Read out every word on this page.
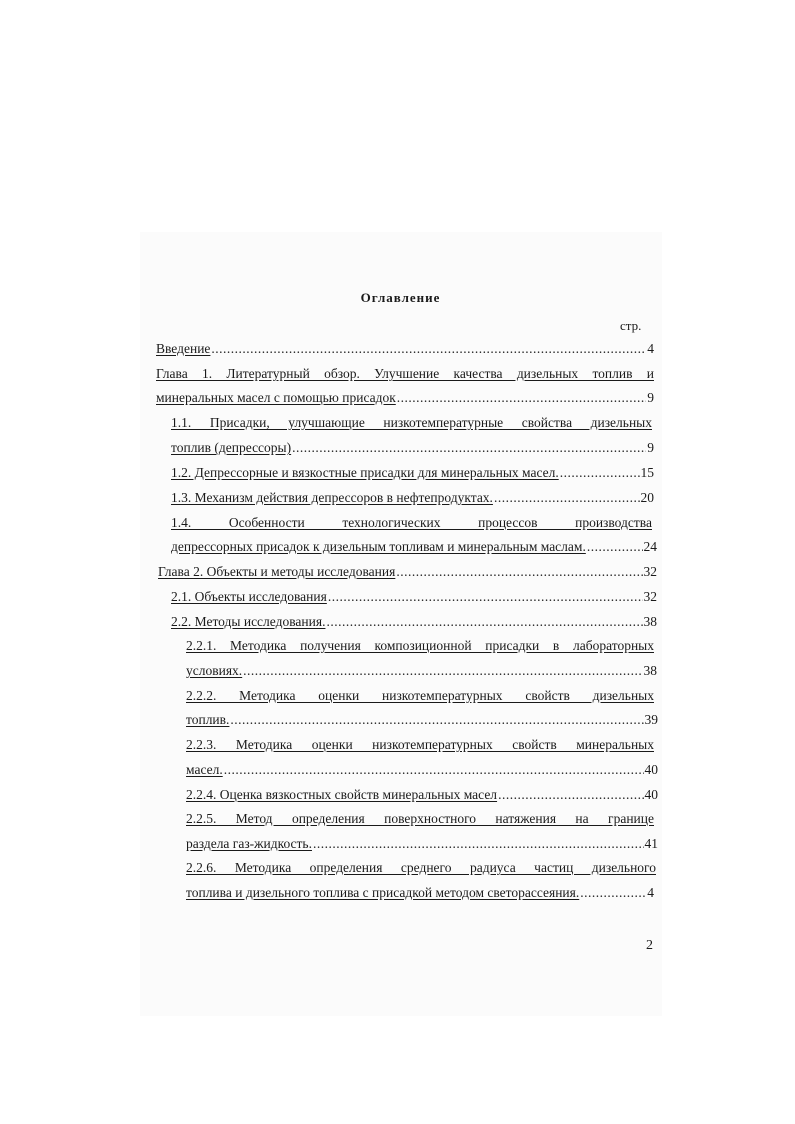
Оглавление
стр.
Введение .....	4
Глава 1. Литературный обзор. Улучшение качества дизельных топлив и
минеральных масел с помощью присадок .....	9
1.1. Присадки, улучшающие низкотемпературные свойства дизельных
топлив (депрессоры) .....	9
1.2. Депрессорные и вязкостные присадки для минеральных масел. .....	15
1.3. Механизм действия депрессоров в нефтепродуктах. .....	20
1.4. Особенности технологических процессов производства
депрессорных присадок к дизельным топливам и минеральным маслам. .....	24
Глава 2. Объекты и методы исследования .....	32
2.1. Объекты исследования .....	32
2.2. Методы исследования. .....	38
2.2.1. Методика получения композиционной присадки в лабораторных
условиях. .....	38
2.2.2. Методика оценки низкотемпературных свойств дизельных
топлив. .....	39
2.2.3. Методика оценки низкотемпературных свойств минеральных
масел. .....	40
2.2.4. Оценка вязкостных свойств минеральных масел .....	40
2.2.5. Метод определения поверхностного натяжения на границе
раздела газ-жидкость. .....	41
2.2.6. Методика определения среднего радиуса частиц дизельного
топлива и дизельного топлива с присадкой методом светорассеяния. .....	4
2
